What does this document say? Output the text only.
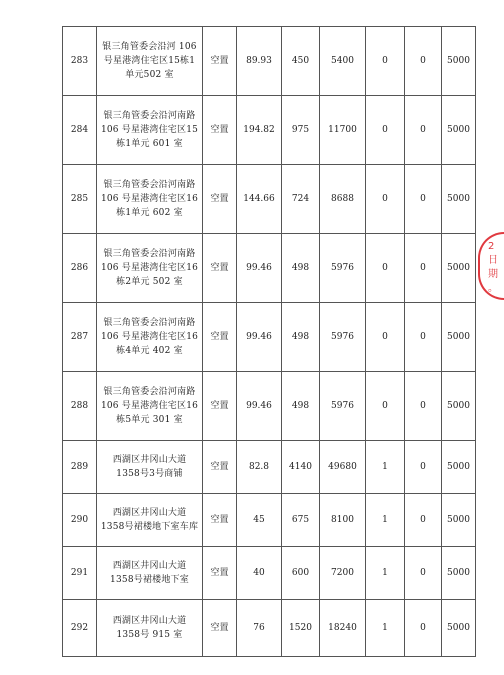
283	银三角管委会沿河 106 号星港湾住宅区15栋1单元502 室	空置	89.93	450	5400	0	0	5000
284	银三角管委会沿河南路106 号星港湾住宅区15栋1单元 601 室	空置	194.82	975	11700	0	0	5000
285	银三角管委会沿河南路106 号星港湾住宅区16栋1单元 602 室	空置	144.66	724	8688	0	0	5000
286	银三角管委会沿河南路106 号星港湾住宅区16栋2单元 502 室	空置	99.46	498	5976	0	0	5000
287	银三角管委会沿河南路106 号星港湾住宅区16栋4单元 402 室	空置	99.46	498	5976	0	0	5000
288	银三角管委会沿河南路106 号星港湾住宅区16栋5单元 301 室	空置	99.46	498	5976	0	0	5000
289	西湖区井冈山大道 1358号3号商铺	空置	82.8	4140	49680	1	0	5000
290	西湖区井冈山大道 1358号裙楼地下室车库	空置	45	675	8100	1	0	5000
291	西湖区井冈山大道 1358号裙楼地下室	空置	40	600	7200	1	0	5000
292	西湖区井冈山大道 1358号 915 室	空置	76	1520	18240	1	0	5000
2
日
期
。
